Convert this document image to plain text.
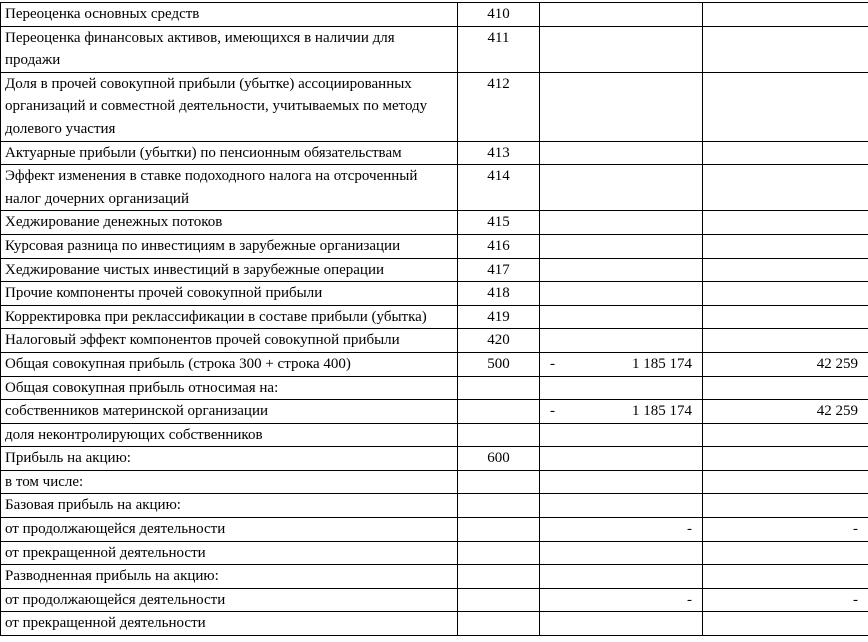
Переоценка основных средств	410	

Переоценка финансовых активов, имеющихся в наличии для продажи	411	

Доля в прочей совокупной прибыли (убытке) ассоциированных организаций и совместной деятельности, учитываемых по методу долевого участия	412	

Актуарные прибыли (убытки) по пенсионным обязательствам	413	

Эффект изменения в ставке подоходного налога на отсроченный налог дочерних организаций	414	

Хеджирование денежных потоков	415	

Курсовая разница по инвестициям в зарубежные организации	416	

Хеджирование чистых инвестиций в зарубежные операции	417	

Прочие компоненты прочей совокупной прибыли	418	

Корректировка при реклассификации в составе прибыли (убытка)	419	

Налоговый эффект компонентов прочей совокупной прибыли	420	

Общая совокупная прибыль (строка 300 + строка 400)	500	- 1 185 174	42 259

Общая совокупная прибыль относимая на:		

собственников материнской организации		- 1 185 174	42 259

доля неконтролирующих собственников		

Прибыль на акцию:	600	

в том числе:		

Базовая прибыль на акцию:		

от продолжающейся деятельности		-	-

от прекращенной деятельности		

Разводненная прибыль на акцию:		

от продолжающейся деятельности		-	-

от прекращенной деятельности		
